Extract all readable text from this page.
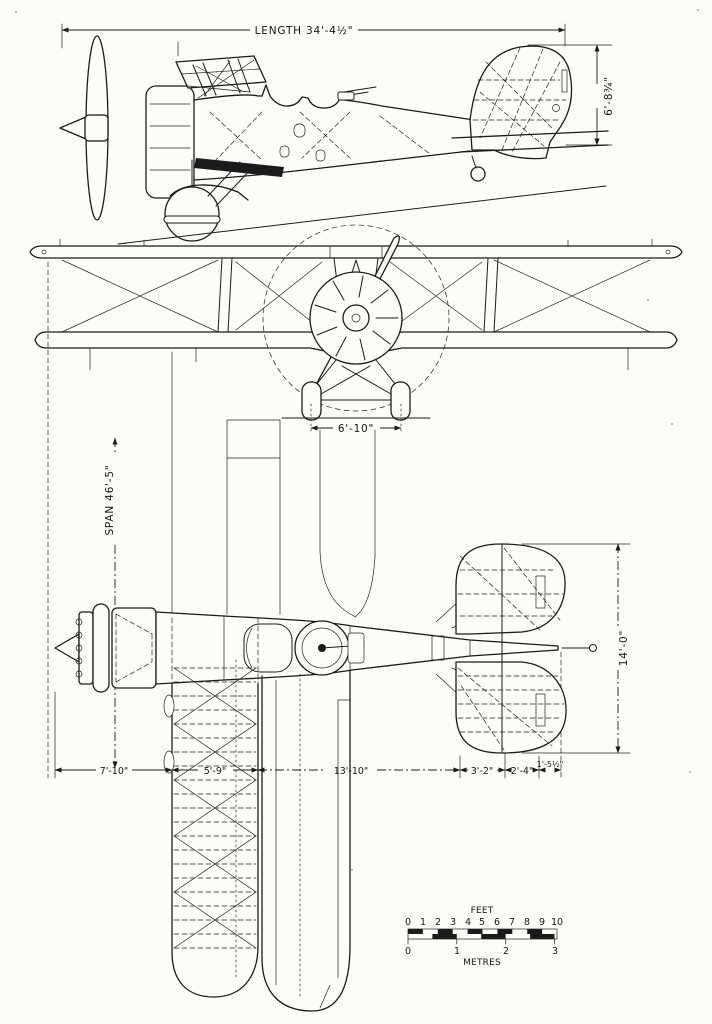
LENGTH 34'-4½"
6'-8¾"
6'-10"
SPAN 46'-5"
14'-0"
7'-10"	5'-9"	13'-10"	3'-2" 2'-4"
1'-5½"
FEET
0 1 2 3 4 5 6 7 8 9 10
0	1	2	3
METRES
